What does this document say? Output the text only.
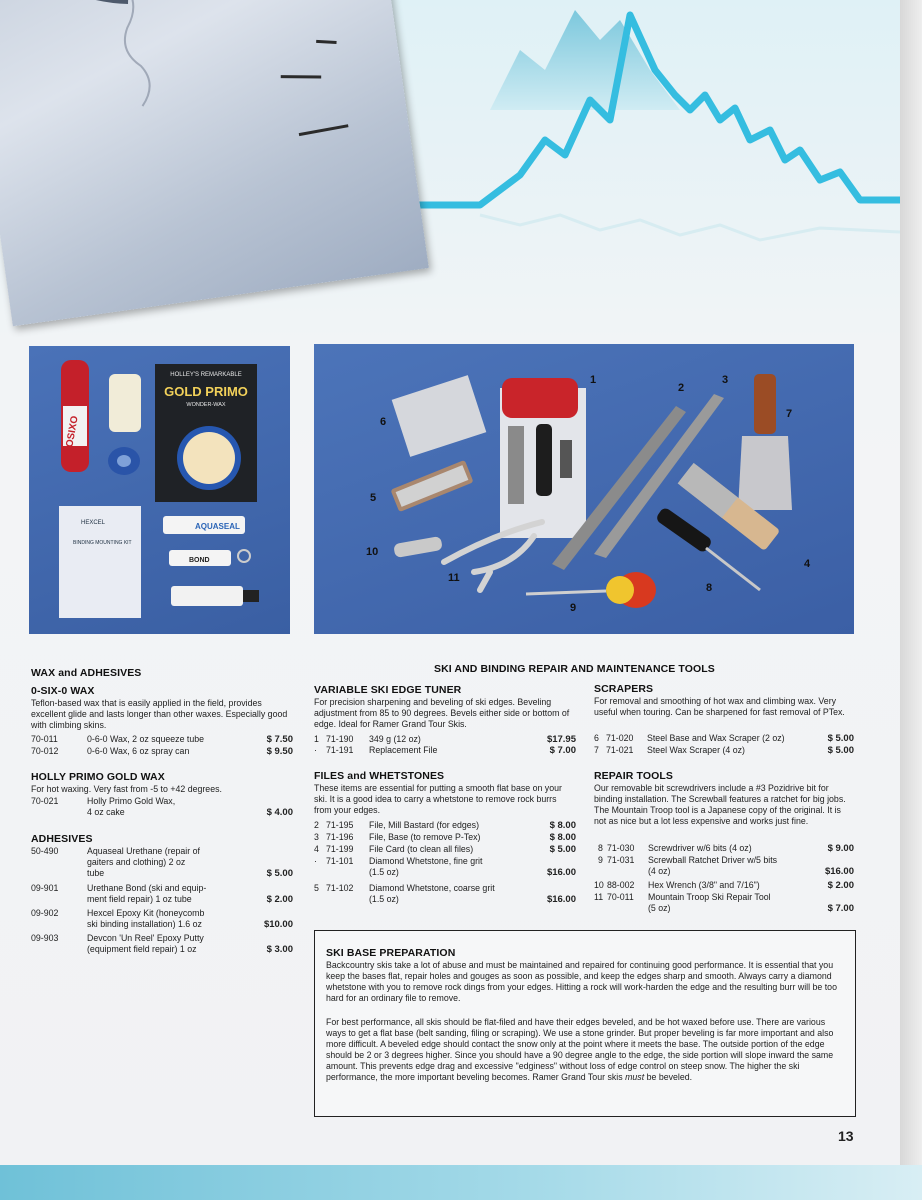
OSIXO
HOLLEY'S REMARKABLE
GOLD PRIMO
WONDER-WAX
HEXCEL
BINDING MOUNTING KIT
AQUASEAL
BOND
1
2
3
4
5
6
7
8
9
10
11
WAX and ADHESIVES
0-SIX-0 WAX
Teflon-based wax that is easily applied in the field, provides excellent glide and lasts longer than other waxes. Especially good with climbing skins.
70-011	0-6-0 Wax, 2 oz squeeze tube	$ 7.50
70-012	0-6-0 Wax, 6 oz spray can	$ 9.50
HOLLY PRIMO GOLD WAX
For hot waxing. Very fast from -5 to +42 degrees.
70-021	Holly Primo Gold Wax,
4 oz cake	$ 4.00
ADHESIVES
50-490	Aquaseal Urethane (repair of
gaiters and clothing) 2 oz
tube	$ 5.00
09-901	Urethane Bond (ski and equip-
ment field repair) 1 oz tube	$ 2.00
09-902	Hexcel Epoxy Kit (honeycomb
ski binding installation) 1.6 oz	$10.00
09-903	Devcon 'Un Reel' Epoxy Putty
(equipment field repair) 1 oz	$ 3.00
SKI AND BINDING REPAIR AND MAINTENANCE TOOLS
VARIABLE SKI EDGE TUNER
For precision sharpening and beveling of ski edges. Beveling adjustment from 85 to 90 degrees. Bevels either side or bottom of edge. Ideal for Ramer Grand Tour Skis.
1 71-190 349 g (12 oz)	$17.95
· 71-191 Replacement File	$ 7.00
FILES and WHETSTONES
These items are essential for putting a smooth flat base on your ski. It is a good idea to carry a whetstone to remove rock burrs from your edges.
2 71-195 File, Mill Bastard (for edges)	$ 8.00
3 71-196 File, Base (to remove P-Tex)	$ 8.00
4 71-199 File Card (to clean all files)	$ 5.00
· 71-101 Diamond Whetstone, fine grit
(1.5 oz)	$16.00
5 71-102 Diamond Whetstone, coarse grit
(1.5 oz)	$16.00
SCRAPERS
For removal and smoothing of hot wax and climbing wax. Very useful when touring. Can be sharpened for fast removal of PTex.
6 71-020 Steel Base and Wax Scraper (2 oz)	$ 5.00
7 71-021 Steel Wax Scraper (4 oz)	$ 5.00
REPAIR TOOLS
Our removable bit screwdrivers include a #3 Pozidrive bit for binding installation. The Screwball features a ratchet for big jobs. The Mountain Troop tool is a Japanese copy of the original. It is not as nice but a lot less expensive and works just fine.
8 71-030 Screwdriver w/6 bits (4 oz)	$ 9.00
9 71-031 Screwball Ratchet Driver w/5 bits
(4 oz)	$16.00
10 88-002 Hex Wrench (3/8" and 7/16")	$ 2.00
11 70-011 Mountain Troop Ski Repair Tool
(5 oz)	$ 7.00
SKI BASE PREPARATION
Backcountry skis take a lot of abuse and must be maintained and repaired for continuing good performance. It is essential that you keep the bases flat, repair holes and gouges as soon as possible, and keep the edges sharp and smooth. Always carry a diamond whetstone with you to remove rock dings from your edges. Hitting a rock will work-harden the edge and the resulting burr will be too hard for an ordinary file to remove.
For best performance, all skis should be flat-filed and have their edges beveled, and be hot waxed before use. There are various ways to get a flat base (belt sanding, filing or scraping). We use a stone grinder. But proper beveling is far more important and also more difficult. A beveled edge should contact the snow only at the point where it meets the base. The outside portion of the edge should be 2 or 3 degrees higher. Since you should have a 90 degree angle to the edge, the side portion will slope inward the same amount. This prevents edge drag and excessive "edginess" without loss of edge control on steep snow. The higher the ski performance, the more important beveling becomes. Ramer Grand Tour skis must be beveled.
13
